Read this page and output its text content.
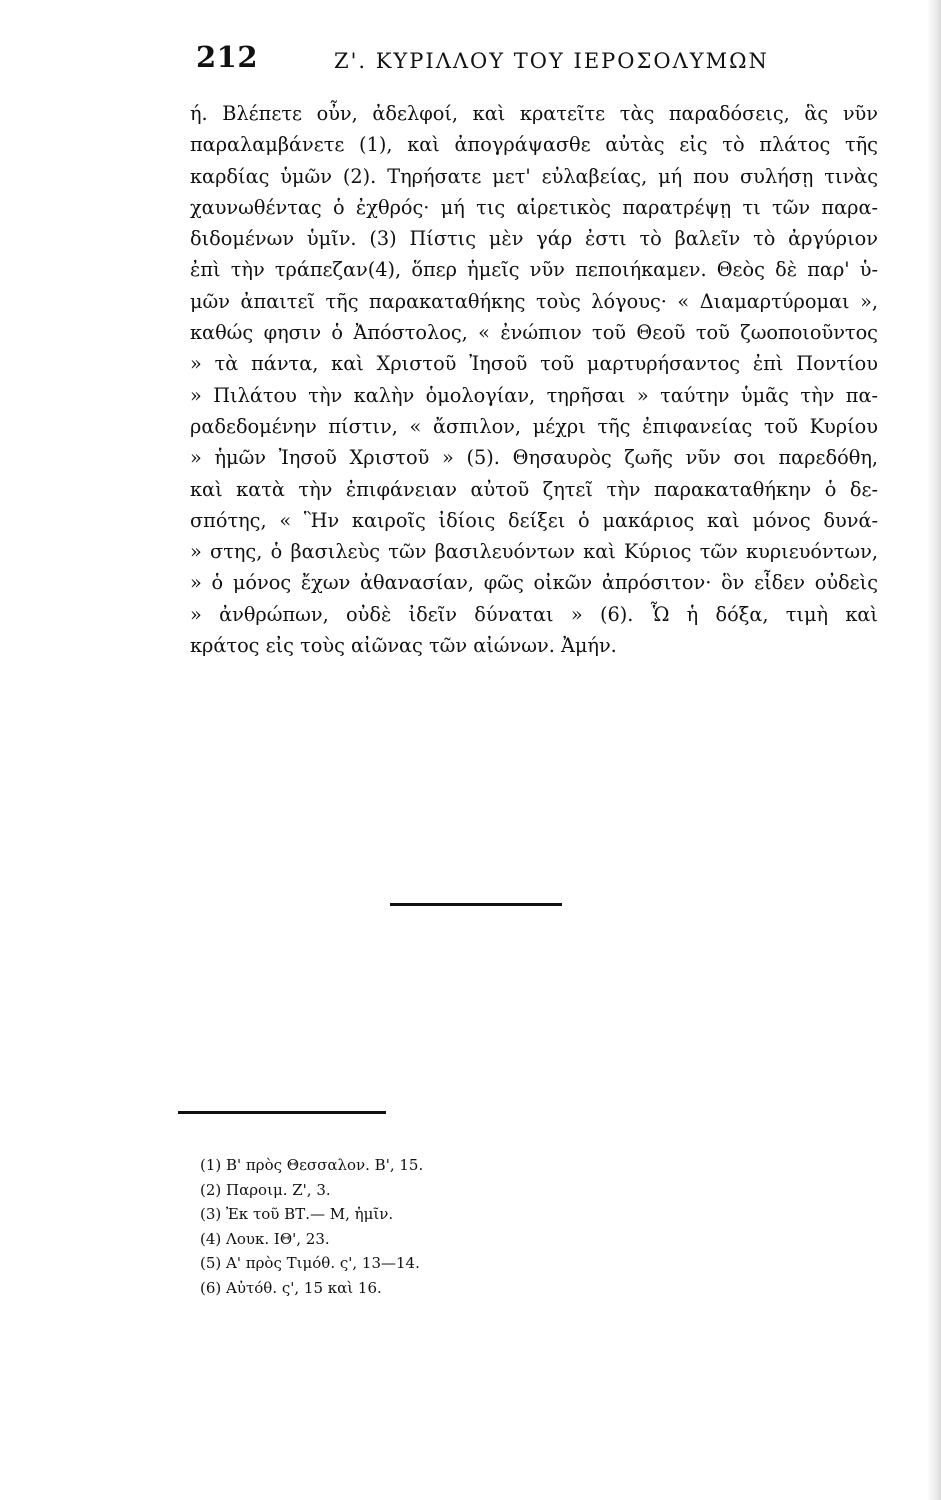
212	Ζ'. ΚΥΡΙΛΛΟΥ ΤΟΥ ΙΕΡΟΣΟΛΥΜΩΝ
ή. Βλέπετε οὖν, ἀδελφοί, καὶ κρατεῖτε τὰς παραδόσεις, ἃς νῦν
παραλαμβάνετε (1), καὶ ἀπογράψασθε αὐτὰς εἰς τὸ πλάτος τῆς
καρδίας ὑμῶν (2). Τηρήσατε μετ' εὐλαβείας, μή που συλήσῃ τινὰς
χαυνωθέντας ὁ ἐχθρός· μή τις αἱρετικὸς παρατρέψῃ τι τῶν παρα-
διδομένων ὑμῖν. (3) Πίστις μὲν γάρ ἐστι τὸ βαλεῖν τὸ ἀργύριον
ἐπὶ τὴν τράπεζαν(4), ὅπερ ἡμεῖς νῦν πεποιήκαμεν. Θεὸς δὲ παρ' ὑ-
μῶν ἀπαιτεῖ τῆς παρακαταθήκης τοὺς λόγους· « Διαμαρτύρομαι »,
καθώς φησιν ὁ Ἀπόστολος, « ἐνώπιον τοῦ Θεοῦ τοῦ ζωοποιοῦντος
» τὰ πάντα, καὶ Χριστοῦ Ἰησοῦ τοῦ μαρτυρήσαντος ἐπὶ Ποντίου
» Πιλάτου τὴν καλὴν ὁμολογίαν, τηρῆσαι » ταύτην ὑμᾶς τὴν πα-
ραδεδομένην πίστιν, « ἄσπιλον, μέχρι τῆς ἐπιφανείας τοῦ Κυρίου
» ἡμῶν Ἰησοῦ Χριστοῦ » (5). Θησαυρὸς ζωῆς νῦν σοι παρεδόθη,
καὶ κατὰ τὴν ἐπιφάνειαν αὐτοῦ ζητεῖ τὴν παρακαταθήκην ὁ δε-
σπότης, « Ἣν καιροῖς ἰδίοις δείξει ὁ μακάριος καὶ μόνος δυνά-
» στης, ὁ βασιλεὺς τῶν βασιλευόντων καὶ Κύριος τῶν κυριευόντων,
» ὁ μόνος ἔχων ἀθανασίαν, φῶς οἰκῶν ἀπρόσιτον· ὃν εἶδεν οὐδεὶς
» ἀνθρώπων, οὐδὲ ἰδεῖν δύναται » (6). Ὧ ἡ δόξα, τιμὴ καὶ
κράτος εἰς τοὺς αἰῶνας τῶν αἰώνων. Ἀμήν.
(1) Β' πρὸς Θεσσαλον. Β', 15.
(2) Παροιμ. Ζ', 3.
(3) Ἐκ τοῦ ΒΤ.— Μ, ἡμῖν.
(4) Λουκ. ΙΘ', 23.
(5) Α' πρὸς Τιμόθ. ς', 13—14.
(6) Αὐτόθ. ς', 15 καὶ 16.
